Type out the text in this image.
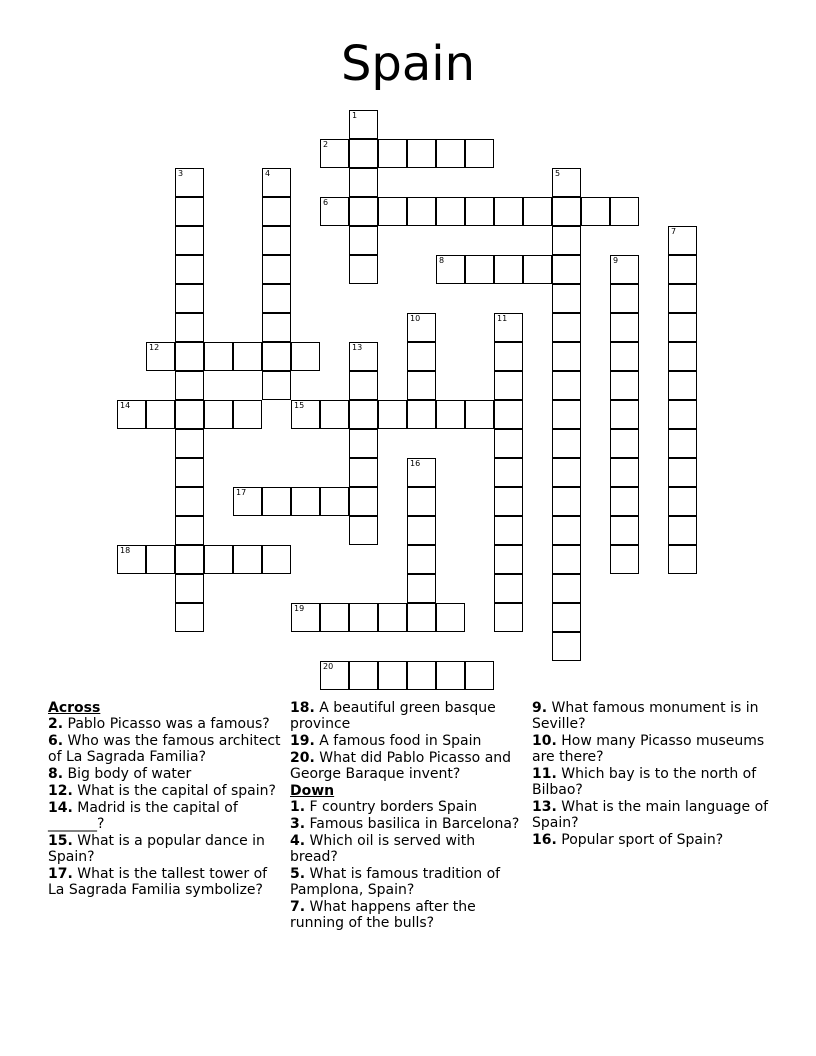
Spain
1
2
3	4	5
6
7
8	9
10	11
12	13
14	15
16
17
18
19
20
Across
2. Pablo Picasso was a famous?
6. Who was the famous architect of La Sagrada Familia?
8. Big body of water
12. What is the capital of spain?
14. Madrid is the capital of _______?
15. What is a popular dance in Spain?
17. What is the tallest tower of La Sagrada Familia symbolize?
18. A beautiful green basque province
19. A famous food in Spain
20. What did Pablo Picasso and George Baraque invent?
Down
1. F country borders Spain
3. Famous basilica in Barcelona?
4. Which oil is served with bread?
5. What is famous tradition of Pamplona, Spain?
7. What happens after the running of the bulls?
9. What famous monument is in Seville?
10. How many Picasso museums are there?
11. Which bay is to the north of Bilbao?
13. What is the main language of Spain?
16. Popular sport of Spain?
